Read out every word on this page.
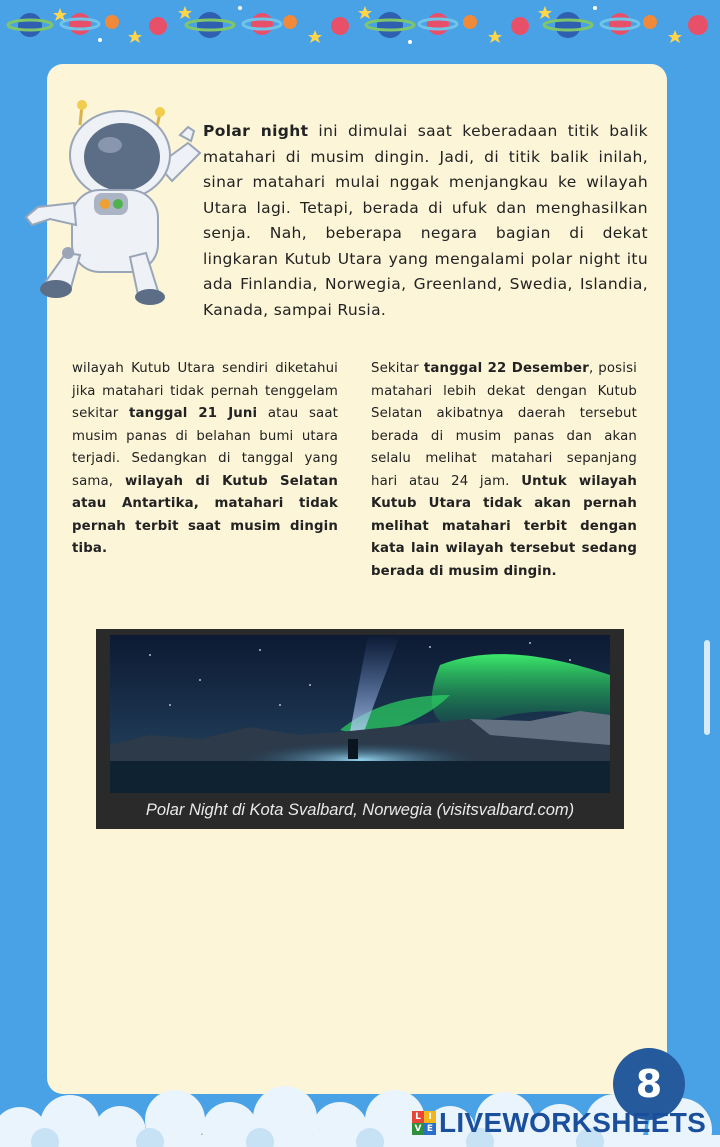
Polar night ini dimulai saat keberadaan titik balik matahari di musim dingin. Jadi, di titik balik inilah, sinar matahari mulai nggak menjangkau ke wilayah Utara lagi. Tetapi, berada di ufuk dan menghasilkan senja. Nah, beberapa negara bagian di dekat lingkaran Kutub Utara yang mengalami polar night itu ada Finlandia, Norwegia, Greenland, Swedia, Islandia, Kanada, sampai Rusia.

wilayah Kutub Utara sendiri diketahui jika matahari tidak pernah tenggelam sekitar tanggal 21 Juni atau saat musim panas di belahan bumi utara terjadi. Sedangkan di tanggal yang sama, wilayah di Kutub Selatan atau Antartika, matahari tidak pernah terbit saat musim dingin tiba.

Sekitar tanggal 22 Desember, posisi matahari lebih dekat dengan Kutub Selatan akibatnya daerah tersebut berada di musim panas dan akan selalu melihat matahari sepanjang hari atau 24 jam. Untuk wilayah Kutub Utara tidak akan pernah melihat matahari terbit dengan kata lain wilayah tersebut sedang berada di musim dingin.

Polar Night di Kota Svalbard, Norwegia (visitsvalbard.com)
8
L I
V E LIVEWORKSHEETS
